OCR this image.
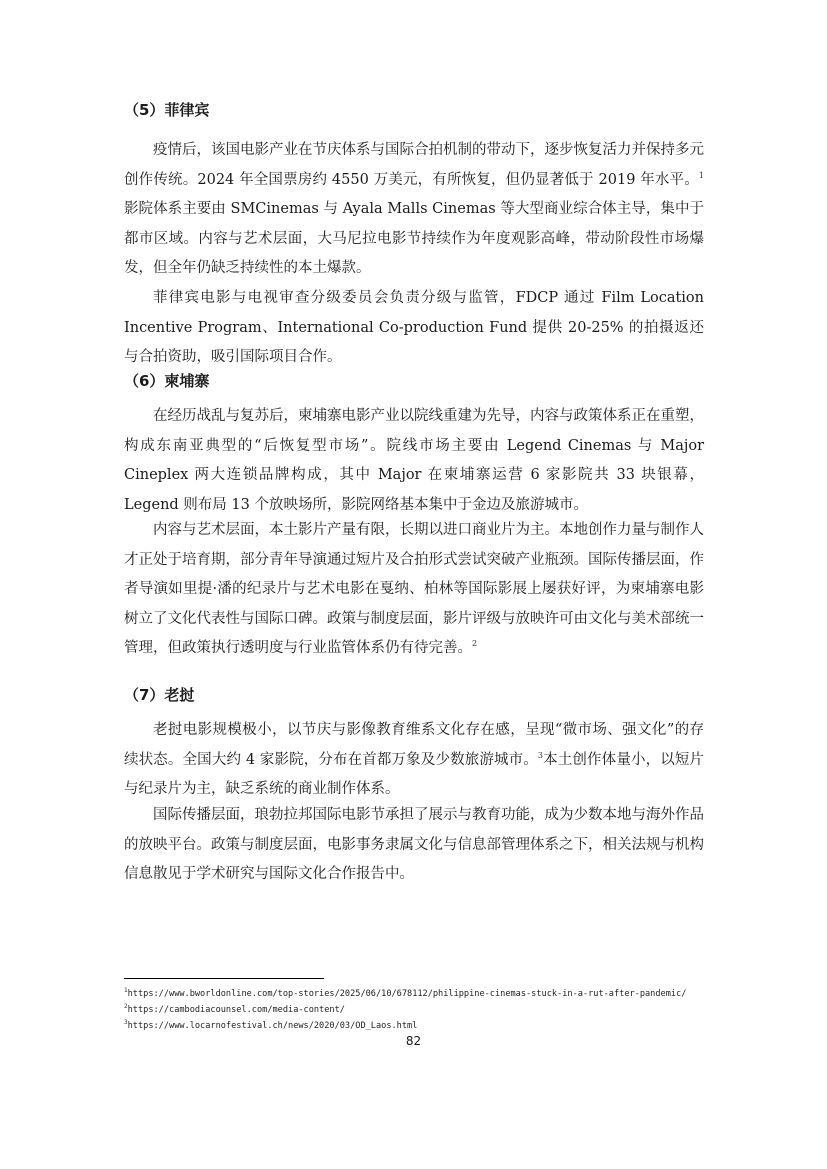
（5）菲律宾

疫情后，该国电影产业在节庆体系与国际合拍机制的带动下，逐步恢复活力并保持多元创作传统。2024 年全国票房约 4550 万美元，有所恢复，但仍显著低于 2019 年水平。$^1$影院体系主要由 SMCinemas 与 Ayala Malls Cinemas 等大型商业综合体主导，集中于都市区域。内容与艺术层面，大马尼拉电影节持续作为年度观影高峰，带动阶段性市场爆发，但全年仍缺乏持续性的本土爆款。

菲律宾电影与电视审查分级委员会负责分级与监管，FDCP 通过 Film Location Incentive Program、International Co-production Fund 提供 20-25% 的拍摄返还与合拍资助，吸引国际项目合作。

（6）柬埔寨

在经历战乱与复苏后，柬埔寨电影产业以院线重建为先导，内容与政策体系正在重塑，构成东南亚典型的“后恢复型市场”。院线市场主要由 Legend Cinemas 与 Major Cineplex 两大连锁品牌构成，其中 Major 在柬埔寨运营 6 家影院共 33 块银幕，Legend 则布局 13 个放映场所，影院网络基本集中于金边及旅游城市。

内容与艺术层面，本土影片产量有限，长期以进口商业片为主。本地创作力量与制作人才正处于培育期，部分青年导演通过短片及合拍形式尝试突破产业瓶颈。国际传播层面，作者导演如里提·潘的纪录片与艺术电影在戛纳、柏林等国际影展上屡获好评，为柬埔寨电影树立了文化代表性与国际口碑。政策与制度层面，影片评级与放映许可由文化与美术部统一管理，但政策执行透明度与行业监管体系仍有待完善。$^2$

（7）老挝

老挝电影规模极小，以节庆与影像教育维系文化存在感，呈现“微市场、强文化”的存续状态。全国大约 4 家影院，分布在首都万象及少数旅游城市。$^3$本土创作体量小，以短片与纪录片为主，缺乏系统的商业制作体系。

国际传播层面，琅勃拉邦国际电影节承担了展示与教育功能，成为少数本地与海外作品的放映平台。政策与制度层面，电影事务隶属文化与信息部管理体系之下，相关法规与机构信息散见于学术研究与国际文化合作报告中。

$^1$https://www.bworldonline.com/top-stories/2025/06/10/678112/philippine-cinemas-stuck-in-a-rut-after-pandemic/

$^2$https://cambodiacounsel.com/media-content/

$^3$https://www.locarnofestival.ch/news/2020/03/OD_Laos.html

82
